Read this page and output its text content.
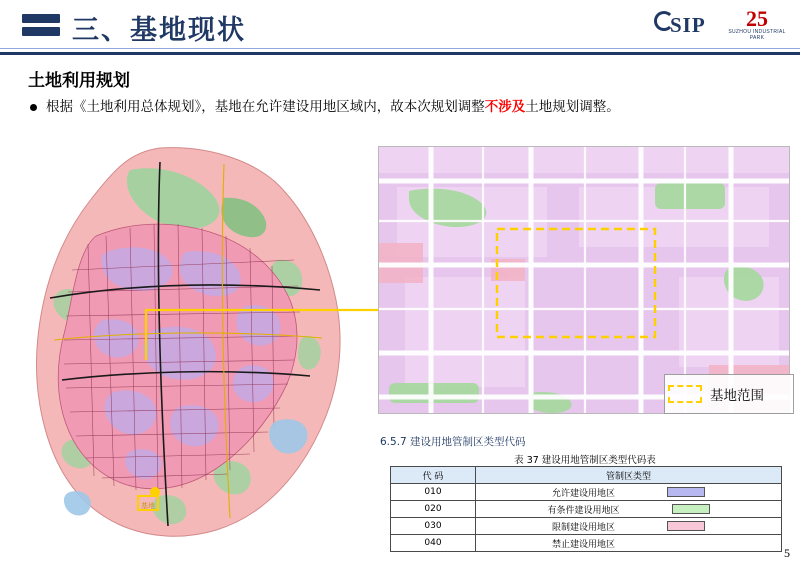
三、基地现状	SIP	25
SUZHOU INDUSTRIAL PARK
土地利用规划
根据《土地利用总体规划》，基地在允许建设用地区域内，故本次规划调整不涉及土地规划调整。
基地
基地范围
6.5.7 建设用地管制区类型代码
表 37 建设用地管制区类型代码表
代 码	管制区类型
010	允许建设用地区

020	有条件建设用地区

030	限制建设用地区

040	禁止建设用地区
5
